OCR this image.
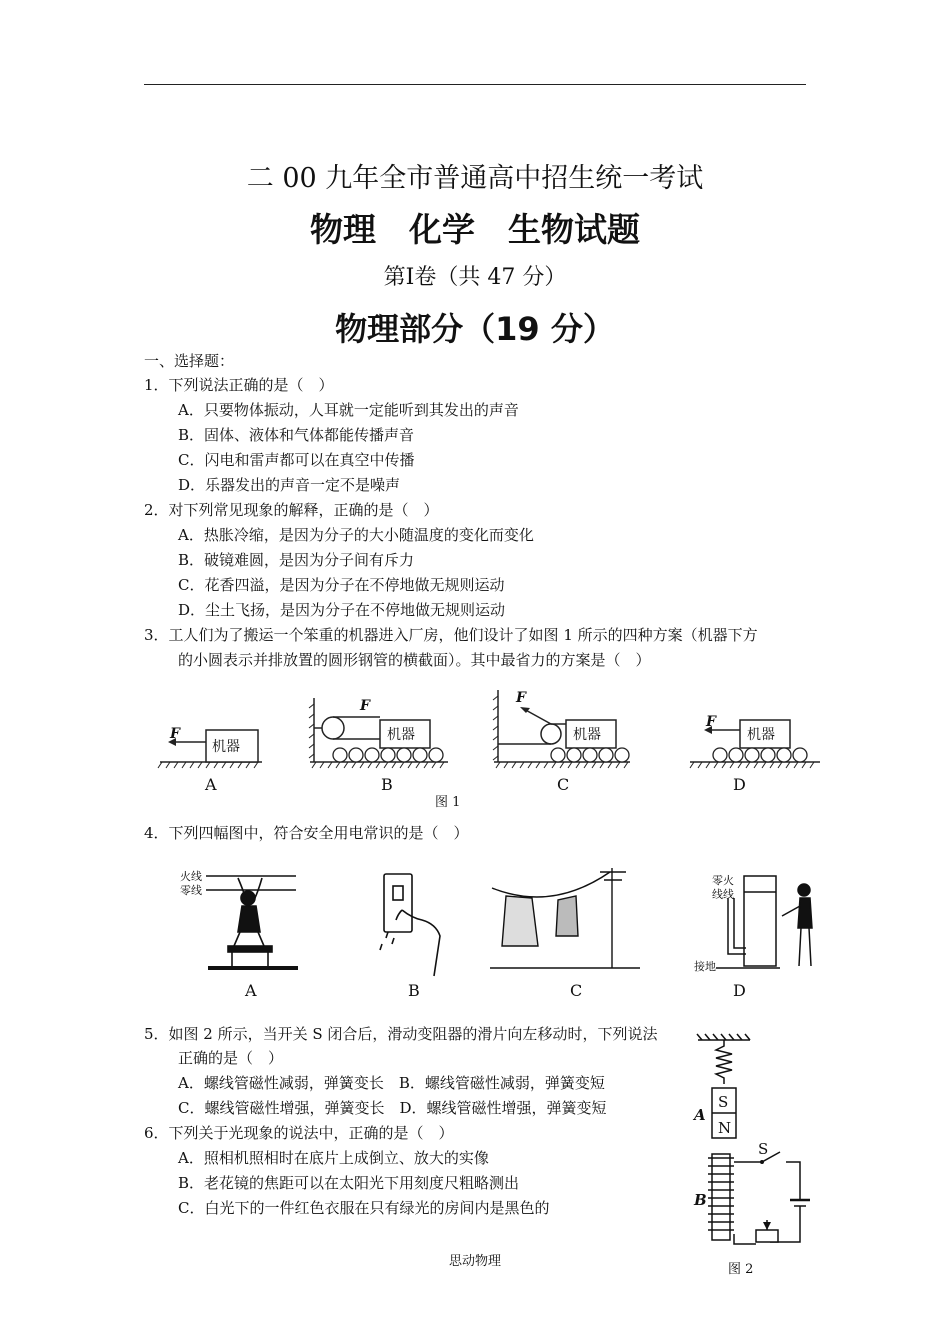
二 00 九年全市普通高中招生统一考试
物理　化学　生物试题
第Ⅰ卷（共 47 分）
物理部分（19 分）
一、选择题：
1．下列说法正确的是（　）
A．只要物体振动，人耳就一定能听到其发出的声音
B．固体、液体和气体都能传播声音
C．闪电和雷声都可以在真空中传播
D．乐器发出的声音一定不是噪声
2．对下列常见现象的解释，正确的是（　）
A．热胀冷缩，是因为分子的大小随温度的变化而变化
B．破镜难圆，是因为分子间有斥力
C．花香四溢，是因为分子在不停地做无规则运动
D．尘土飞扬，是因为分子在不停地做无规则运动
3．工人们为了搬运一个笨重的机器进入厂房，他们设计了如图 1 所示的四种方案（机器下方
的小圆表示并排放置的圆形钢管的横截面）。其中最省力的方案是（　）
机器
机器	机器	机器
F
F	F
F
A	B	C	D
图 1
4．下列四幅图中，符合安全用电常识的是（　）
火线
零线
零火
线线
接地
A	B	C	D
5．如图 2 所示，当开关 S 闭合后，滑动变阻器的滑片向左移动时，下列说法
正确的是（　）
A．螺线管磁性减弱，弹簧变长　B．螺线管磁性减弱，弹簧变短
C．螺线管磁性增强，弹簧变长　D．螺线管磁性增强，弹簧变短	S
N
S
A
B
图 2
6．下列关于光现象的说法中，正确的是（　）
A．照相机照相时在底片上成倒立、放大的实像
B．老花镜的焦距可以在太阳光下用刻度尺粗略测出
C．白光下的一件红色衣服在只有绿光的房间内是黑色的
思动物理
